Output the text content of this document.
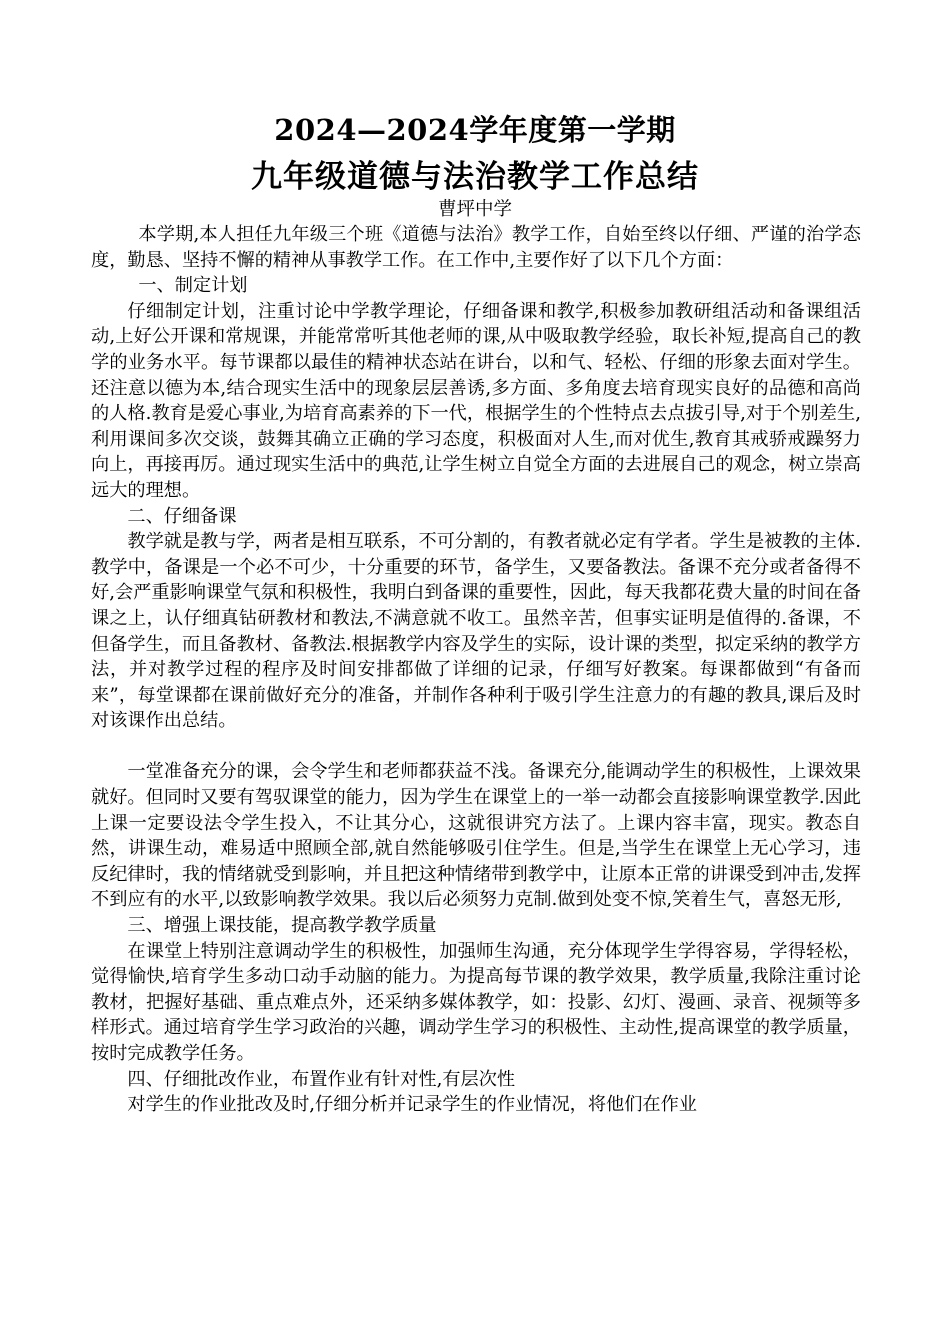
2024—2024学年度第一学期
九年级道德与法治教学工作总结
曹坪中学

本学期,本人担任九年级三个班《道德与法治》教学工作，自始至终以仔细、严谨的治学态度，勤恳、坚持不懈的精神从事教学工作。在工作中,主要作好了以下几个方面：

一、制定计划

仔细制定计划，注重讨论中学教学理论，仔细备课和教学,积极参加教研组活动和备课组活动,上好公开课和常规课，并能常常听其他老师的课,从中吸取教学经验，取长补短,提高自己的教学的业务水平。每节课都以最佳的精神状态站在讲台，以和气、轻松、仔细的形象去面对学生。还注意以德为本,结合现实生活中的现象层层善诱,多方面、多角度去培育现实良好的品德和高尚的人格.教育是爱心事业,为培育高素养的下一代，根据学生的个性特点去点拔引导,对于个别差生,利用课间多次交谈，鼓舞其确立正确的学习态度，积极面对人生,而对优生,教育其戒骄戒躁努力向上，再接再厉。通过现实生活中的典范,让学生树立自觉全方面的去进展自己的观念，树立崇高远大的理想。

二、仔细备课

教学就是教与学，两者是相互联系，不可分割的，有教者就必定有学者。学生是被教的主体.教学中，备课是一个必不可少，十分重要的环节，备学生，又要备教法。备课不充分或者备得不好,会严重影响课堂气氛和积极性，我明白到备课的重要性，因此，每天我都花费大量的时间在备课之上，认仔细真钻研教材和教法,不满意就不收工。虽然辛苦，但事实证明是值得的.备课，不但备学生，而且备教材、备教法.根据教学内容及学生的实际，设计课的类型，拟定采纳的教学方法，并对教学过程的程序及时间安排都做了详细的记录，仔细写好教案。每课都做到“有备而来”，每堂课都在课前做好充分的准备，并制作各种利于吸引学生注意力的有趣的教具,课后及时对该课作出总结。

一堂准备充分的课，会令学生和老师都获益不浅。备课充分,能调动学生的积极性，上课效果就好。但同时又要有驾驭课堂的能力，因为学生在课堂上的一举一动都会直接影响课堂教学.因此上课一定要设法令学生投入，不让其分心，这就很讲究方法了。上课内容丰富，现实。教态自然，讲课生动，难易适中照顾全部,就自然能够吸引住学生。但是,当学生在课堂上无心学习，违反纪律时，我的情绪就受到影响，并且把这种情绪带到教学中，让原本正常的讲课受到冲击,发挥不到应有的水平,以致影响教学效果。我以后必须努力克制.做到处变不惊,笑着生气，喜怒无形,

三、增强上课技能，提高教学教学质量

在课堂上特别注意调动学生的积极性，加强师生沟通，充分体现学生学得容易，学得轻松，觉得愉快,培育学生多动口动手动脑的能力。为提高每节课的教学效果，教学质量,我除注重讨论教材，把握好基础、重点难点外，还采纳多媒体教学，如：投影、幻灯、漫画、录音、视频等多样形式。通过培育学生学习政治的兴趣，调动学生学习的积极性、主动性,提高课堂的教学质量，按时完成教学任务。

四、仔细批改作业，布置作业有针对性,有层次性

对学生的作业批改及时,仔细分析并记录学生的作业情况，将他们在作业
